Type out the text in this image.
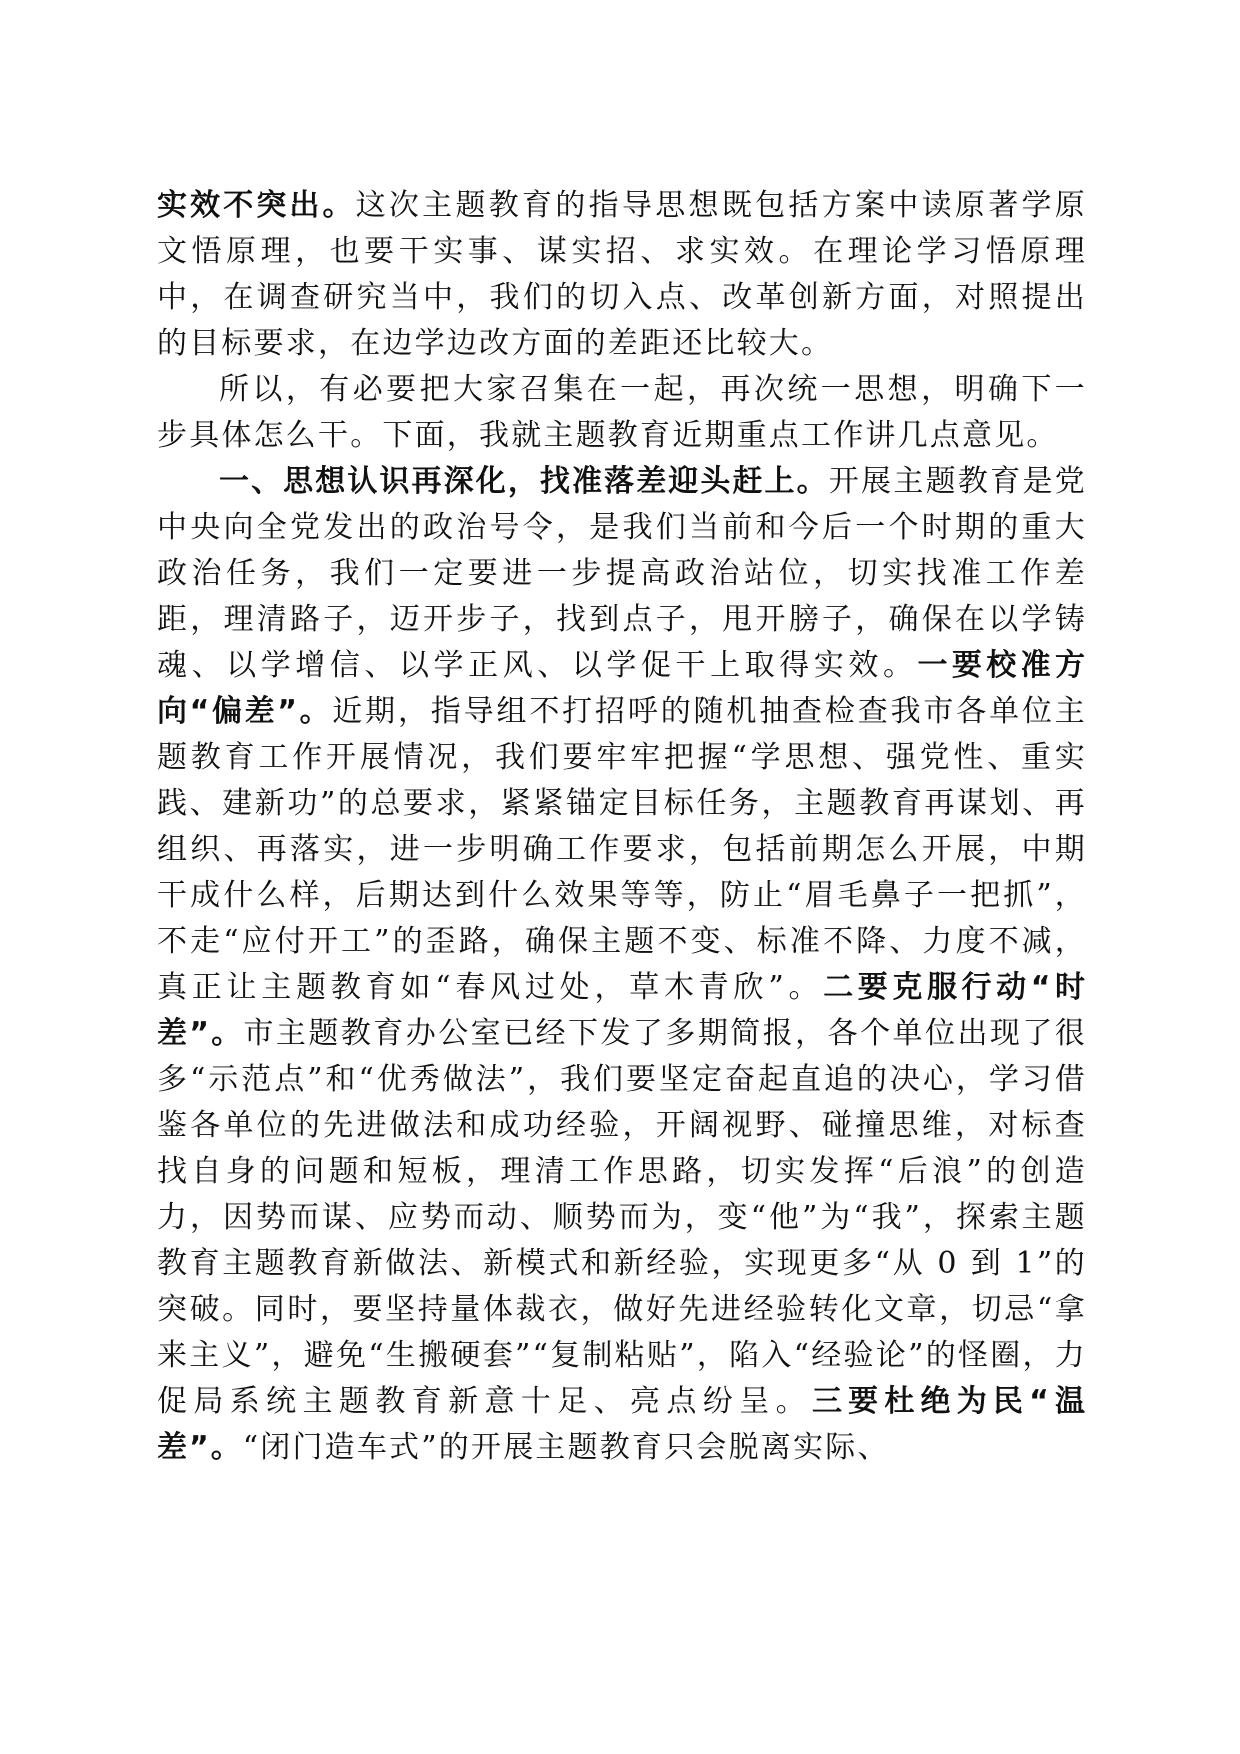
实效不突出。这次主题教育的指导思想既包括方案中读原著学原文悟原理，也要干实事、谋实招、求实效。在理论学习悟原理中，在调查研究当中，我们的切入点、改革创新方面，对照提出的目标要求，在边学边改方面的差距还比较大。

所以，有必要把大家召集在一起，再次统一思想，明确下一步具体怎么干。下面，我就主题教育近期重点工作讲几点意见。

一、思想认识再深化，找准落差迎头赶上。开展主题教育是党中央向全党发出的政治号令，是我们当前和今后一个时期的重大政治任务，我们一定要进一步提高政治站位，切实找准工作差距，理清路子，迈开步子，找到点子，甩开膀子，确保在以学铸魂、以学增信、以学正风、以学促干上取得实效。一要校准方向“偏差”。近期，指导组不打招呼的随机抽查检查我市各单位主题教育工作开展情况，我们要牢牢把握“学思想、强党性、重实践、建新功”的总要求，紧紧锚定目标任务，主题教育再谋划、再组织、再落实，进一步明确工作要求，包括前期怎么开展，中期干成什么样，后期达到什么效果等等，防止“眉毛鼻子一把抓”，不走“应付开工”的歪路，确保主题不变、标准不降、力度不减，真正让主题教育如“春风过处，草木青欣”。二要克服行动“时差”。市主题教育办公室已经下发了多期简报，各个单位出现了很多“示范点”和“优秀做法”，我们要坚定奋起直追的决心，学习借鉴各单位的先进做法和成功经验，开阔视野、碰撞思维，对标查找自身的问题和短板，理清工作思路，切实发挥“后浪”的创造力，因势而谋、应势而动、顺势而为，变“他”为“我”，探索主题教育主题教育新做法、新模式和新经验，实现更多“从 0 到 1”的突破。同时，要坚持量体裁衣，做好先进经验转化文章，切忌“拿来主义”，避免“生搬硬套”“复制粘贴”，陷入“经验论”的怪圈，力促局系统主题教育新意十足、亮点纷呈。三要杜绝为民“温差”。“闭门造车式”的开展主题教育只会脱离实际、
